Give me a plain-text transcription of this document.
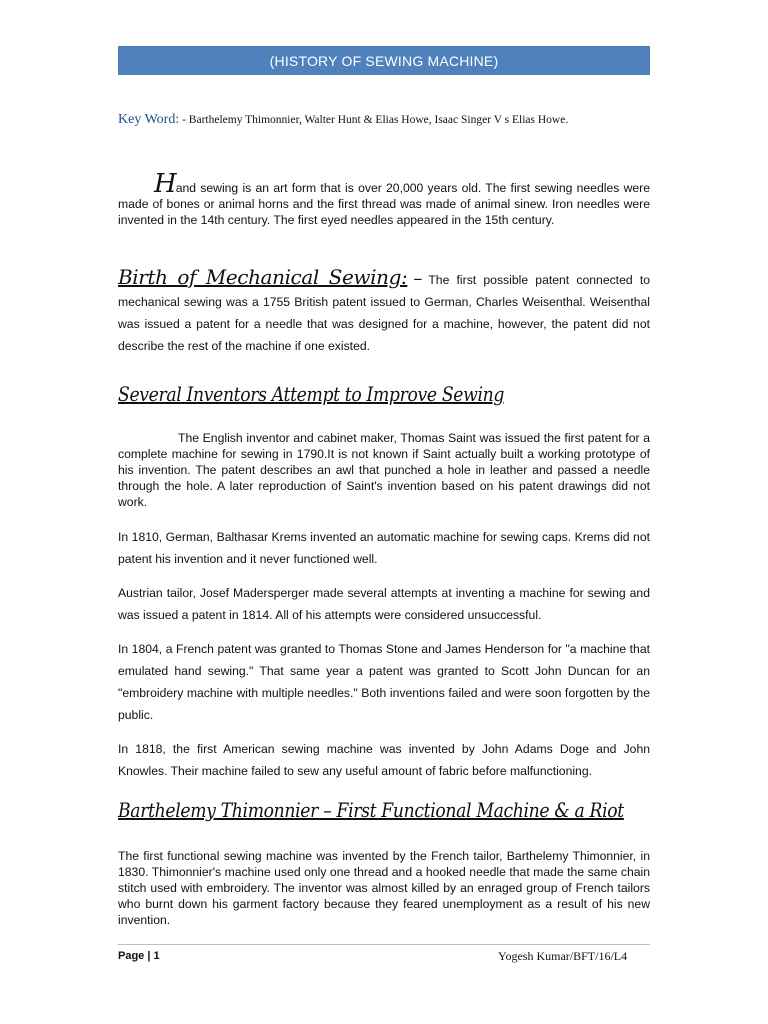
(HISTORY OF SEWING MACHINE)
Key Word: - Barthelemy Thimonnier, Walter Hunt & Elias Howe, Isaac Singer V s Elias Howe.
Hand sewing is an art form that is over 20,000 years old. The first sewing needles were made of bones or animal horns and the first thread was made of animal sinew. Iron needles were invented in the 14th century. The first eyed needles appeared in the 15th century.
Birth of Mechanical Sewing: – The first possible patent connected to mechanical sewing was a 1755 British patent issued to German, Charles Weisenthal. Weisenthal was issued a patent for a needle that was designed for a machine, however, the patent did not describe the rest of the machine if one existed.
Several Inventors Attempt to Improve Sewing
The English inventor and cabinet maker, Thomas Saint was issued the first patent for a complete machine for sewing in 1790.It is not known if Saint actually built a working prototype of his invention. The patent describes an awl that punched a hole in leather and passed a needle through the hole. A later reproduction of Saint's invention based on his patent drawings did not work.
In 1810, German, Balthasar Krems invented an automatic machine for sewing caps. Krems did not patent his invention and it never functioned well.
Austrian tailor, Josef Madersperger made several attempts at inventing a machine for sewing and was issued a patent in 1814. All of his attempts were considered unsuccessful.
In 1804, a French patent was granted to Thomas Stone and James Henderson for "a machine that emulated hand sewing." That same year a patent was granted to Scott John Duncan for an "embroidery machine with multiple needles." Both inventions failed and were soon forgotten by the public.
In 1818, the first American sewing machine was invented by John Adams Doge and John Knowles. Their machine failed to sew any useful amount of fabric before malfunctioning.
Barthelemy Thimonnier – First Functional Machine & a Riot
The first functional sewing machine was invented by the French tailor, Barthelemy Thimonnier, in 1830. Thimonnier's machine used only one thread and a hooked needle that made the same chain stitch used with embroidery. The inventor was almost killed by an enraged group of French tailors who burnt down his garment factory because they feared unemployment as a result of his new invention.
Page | 1	Yogesh Kumar/BFT/16/L4
